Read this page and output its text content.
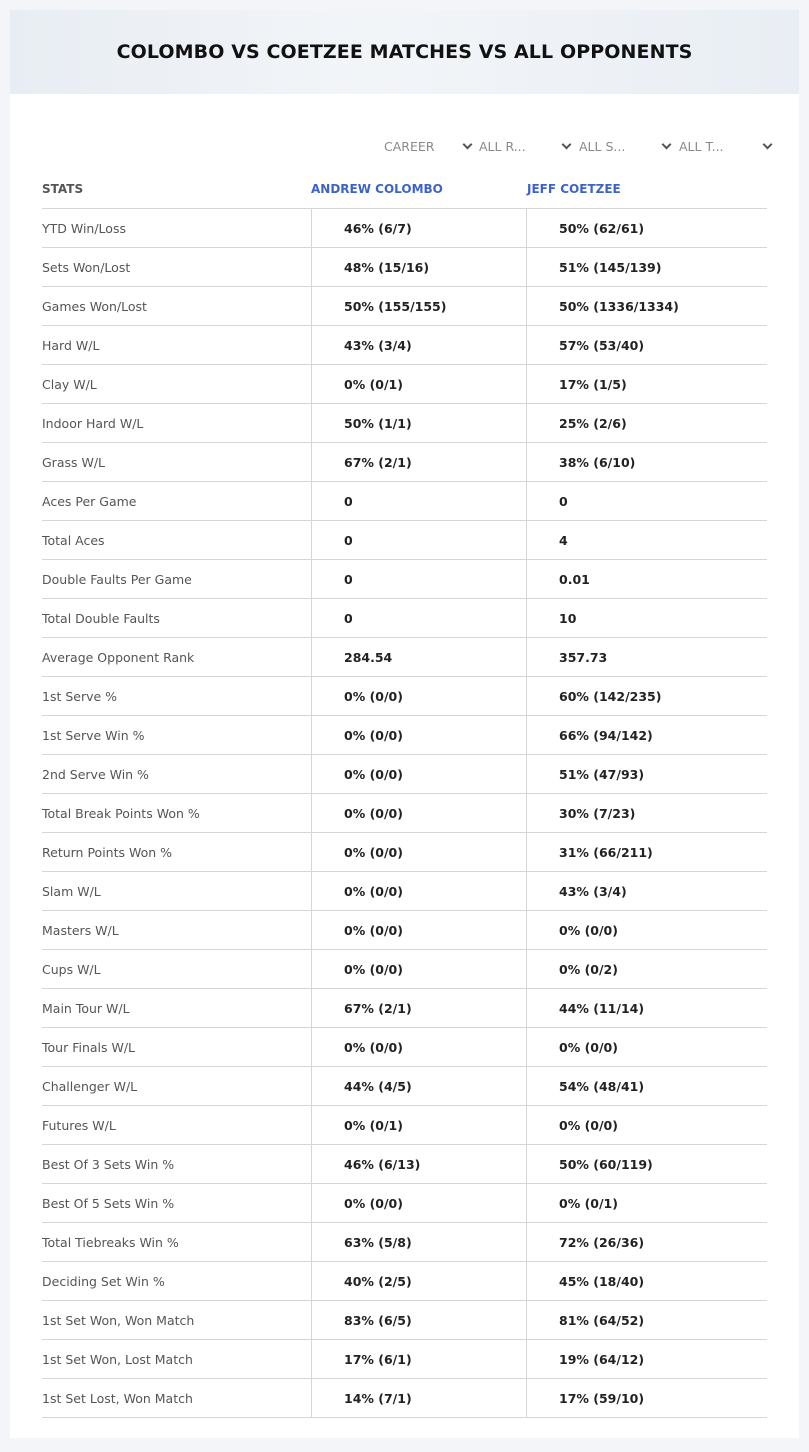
COLOMBO VS COETZEE MATCHES VS ALL OPPONENTS
CAREER	ALL R...	ALL S...	ALL T...
STATS	ANDREW COLOMBO	JEFF COETZEE
YTD Win/Loss	46% (6/7)	50% (62/61)
Sets Won/Lost	48% (15/16)	51% (145/139)
Games Won/Lost	50% (155/155)	50% (1336/1334)
Hard W/L	43% (3/4)	57% (53/40)
Clay W/L	0% (0/1)	17% (1/5)
Indoor Hard W/L	50% (1/1)	25% (2/6)
Grass W/L	67% (2/1)	38% (6/10)
Aces Per Game	0	0
Total Aces	0	4
Double Faults Per Game	0	0.01
Total Double Faults	0	10
Average Opponent Rank	284.54	357.73
1st Serve %	0% (0/0)	60% (142/235)
1st Serve Win %	0% (0/0)	66% (94/142)
2nd Serve Win %	0% (0/0)	51% (47/93)
Total Break Points Won %	0% (0/0)	30% (7/23)
Return Points Won %	0% (0/0)	31% (66/211)
Slam W/L	0% (0/0)	43% (3/4)
Masters W/L	0% (0/0)	0% (0/0)
Cups W/L	0% (0/0)	0% (0/2)
Main Tour W/L	67% (2/1)	44% (11/14)
Tour Finals W/L	0% (0/0)	0% (0/0)
Challenger W/L	44% (4/5)	54% (48/41)
Futures W/L	0% (0/1)	0% (0/0)
Best Of 3 Sets Win %	46% (6/13)	50% (60/119)
Best Of 5 Sets Win %	0% (0/0)	0% (0/1)
Total Tiebreaks Win %	63% (5/8)	72% (26/36)
Deciding Set Win %	40% (2/5)	45% (18/40)
1st Set Won, Won Match	83% (6/5)	81% (64/52)
1st Set Won, Lost Match	17% (6/1)	19% (64/12)
1st Set Lost, Won Match	14% (7/1)	17% (59/10)
